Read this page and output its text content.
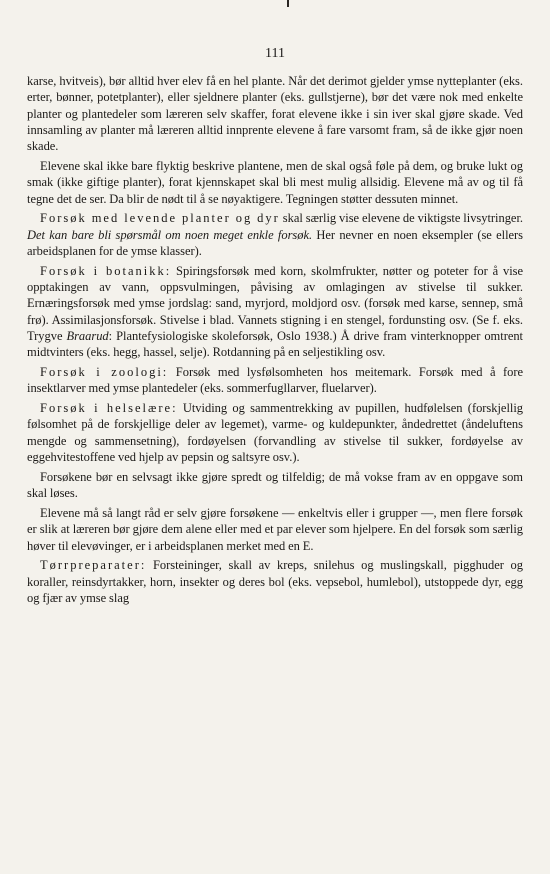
111

karse, hvitveis), bør alltid hver elev få en hel plante. Når det derimot gjelder ymse nytteplanter (eks. erter, bønner, potetplanter), eller sjeldnere planter (eks. gullstjerne), bør det være nok med enkelte planter og plantedeler som læreren selv skaffer, forat elevene ikke i sin iver skal gjøre skade. Ved innsamling av planter må læreren alltid innprente elevene å fare varsomt fram, så de ikke gjør noen skade.

Elevene skal ikke bare flyktig beskrive plantene, men de skal også føle på dem, og bruke lukt og smak (ikke giftige planter), forat kjennskapet skal bli mest mulig allsidig. Elevene må av og til få tegne det de ser. Da blir de nødt til å se nøyaktigere. Tegningen støtter dessuten minnet.

Forsøk med levende planter og dyr skal særlig vise elevene de viktigste livsytringer. Det kan bare bli spørsmål om noen meget enkle forsøk. Her nevner en noen eksempler (se ellers arbeidsplanen for de ymse klasser).

Forsøk i botanikk: Spiringsforsøk med korn, skolmfrukter, nøtter og poteter for å vise opptakingen av vann, oppsvulmingen, påvising av omlagingen av stivelse til sukker. Ernæringsforsøk med ymse jordslag: sand, myrjord, moldjord osv. (forsøk med karse, sennep, små frø). Assimilasjonsforsøk. Stivelse i blad. Vannets stigning i en stengel, fordunsting osv. (Se f. eks. Trygve Braarud: Plantefysiologiske skoleforsøk, Oslo 1938.) Å drive fram vinterknopper omtrent midtvinters (eks. hegg, hassel, selje). Rotdanning på en seljestikling osv.

Forsøk i zoologi: Forsøk med lysfølsomheten hos meitemark. Forsøk med å fore insektlarver med ymse plantedeler (eks. sommerfugllarver, fluelarver).

Forsøk i helselære: Utviding og sammentrekking av pupillen, hudfølelsen (forskjellig følsomhet på de forskjellige deler av legemet), varme- og kuldepunkter, åndedrettet (åndeluftens mengde og sammensetning), fordøyelsen (forvandling av stivelse til sukker, fordøyelse av eggehvitestoffene ved hjelp av pepsin og saltsyre osv.).

Forsøkene bør en selvsagt ikke gjøre spredt og tilfeldig; de må vokse fram av en oppgave som skal løses.

Elevene må så langt råd er selv gjøre forsøkene — enkeltvis eller i grupper —, men flere forsøk er slik at læreren bør gjøre dem alene eller med et par elever som hjelpere. En del forsøk som særlig høver til elevøvinger, er i arbeidsplanen merket med en E.

Tørrpreparater: Forsteininger, skall av kreps, snilehus og muslingskall, pigghuder og koraller, reinsdyrtakker, horn, insekter og deres bol (eks. vepsebol, humlebol), utstoppede dyr, egg og fjær av ymse slag
